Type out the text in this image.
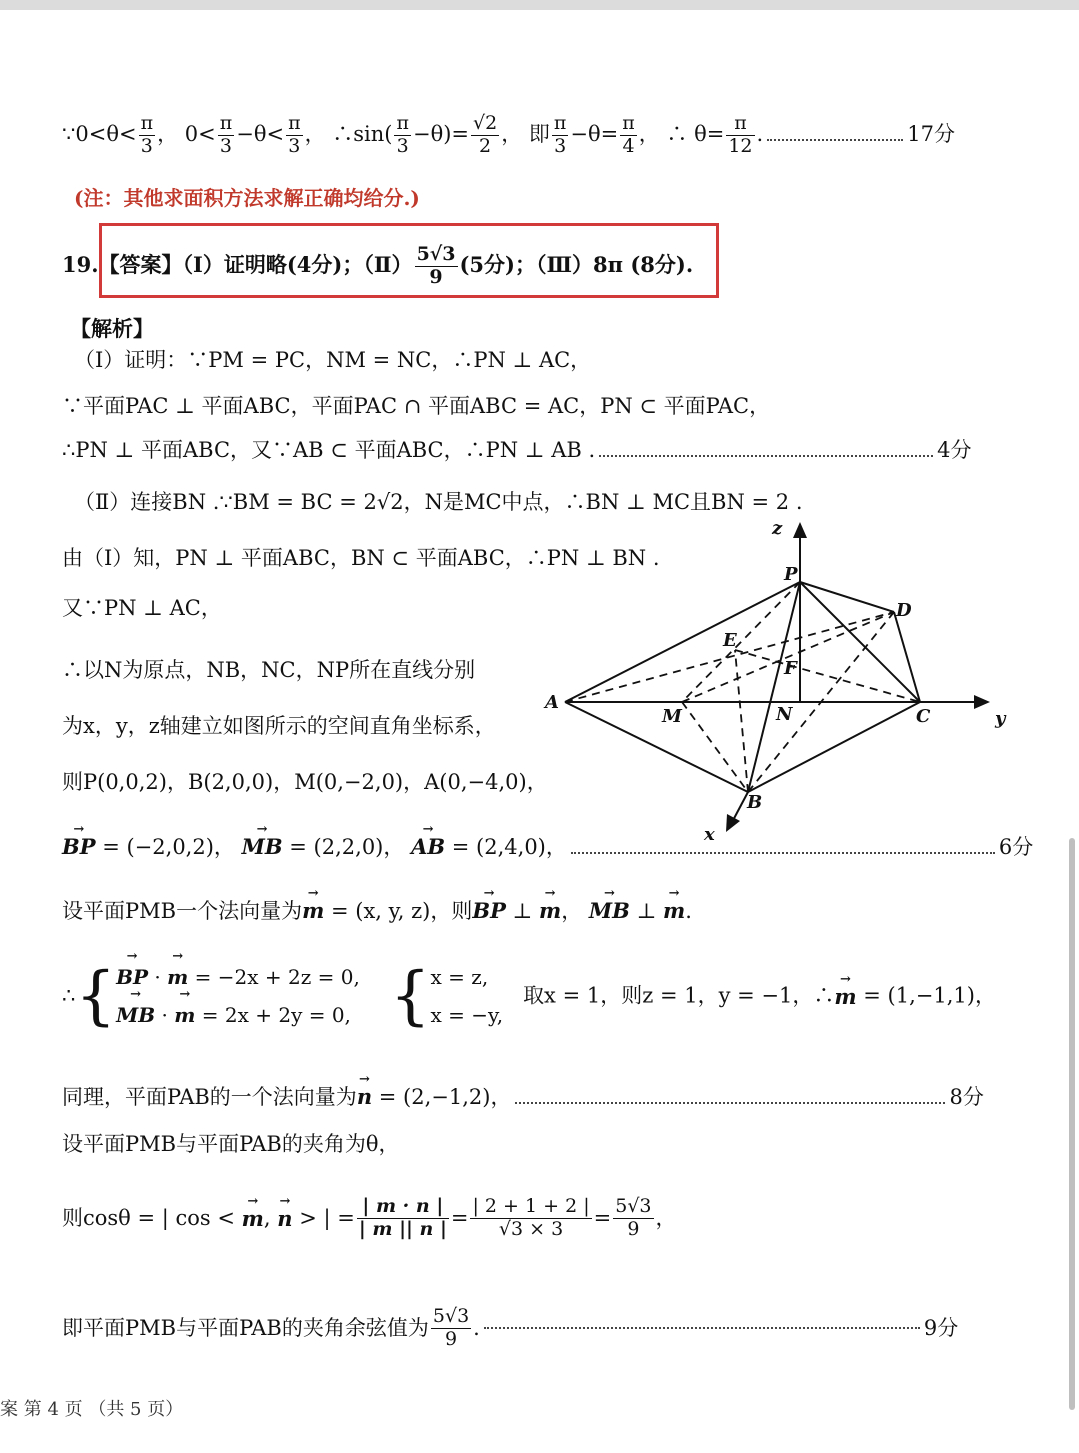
∵0<θ< $\frac{\pi}{3}$ ， $0< \frac{\pi}{3} -\theta< \frac{\pi}{3}$ ， ∴sin( $\frac{\pi}{3} -\theta)= \frac{√2}{2}$ ， 即 $\frac{\pi}{3} -\theta= \frac{\pi}{4}$ ， ∴ $\theta= \frac{\pi}{12}$ .	17分
(注：其他求面积方法求解正确均给分.)
19.【答案】（Ⅰ）证明略(4分)；（Ⅱ） $\frac{5√3}{9} (5$分)；（Ⅲ）8π (8分).
【解析】
（Ⅰ）证明：∵PM = PC，NM = NC，∴PN ⊥ AC，
∵平面PAC ⊥ 平面ABC，平面PAC ∩ 平面ABC = AC，PN ⊂ 平面PAC，
∴PN ⊥ 平面ABC，又∵AB ⊂ 平面ABC，∴PN ⊥ AB .	4分
（Ⅱ）连接BN .∵BM = BC = 2√2，N是MC中点，∴BN ⊥ MC且BN = 2 .
由（Ⅰ）知，PN ⊥ 平面ABC，BN ⊂ 平面ABC，∴PN ⊥ BN .
又∵PN ⊥ AC，
∴以N为原点，NB，NC，NP所在直线分别
为x，y，z轴建立如图所示的空间直角坐标系，
则P(0,0,2)，B(2,0,0)，M(0,−2,0)，A(0,−4,0)，
→ BP = (−2,0,2)， → MB = (2,2,0)， → AB = (2,4,0)，	6分
设平面PMB一个法向量为→ m = (x, y, z)，则→ BP ⊥ → m， → MB ⊥ → m.
∴{ → BP · → m = −2x + 2z = 0,
→ MB · → m = 2x + 2y = 0, { x = z,
x = −y,
取x = 1，则z = 1，y = −1，∴→ m = (1,−1,1)，
同理，平面PAB的一个法向量为→ n = (2,−1,2)，	8分
设平面PMB与平面PAB的夹角为θ，
则cosθ = | cos < → m, → n > | = $\frac{| m \cdot n |}{| m || n |} = \frac{| 2 + 1 + 2 |}{√3 \times 3} = \frac{5√3}{9}$ ，
即平面PMB与平面PAB的夹角余弦值为 $\frac{5√3}{9}$ .	9分
z
P
D
E
F
A
M	N	C	y
B
x
案 第 4 页 （共 5 页）
